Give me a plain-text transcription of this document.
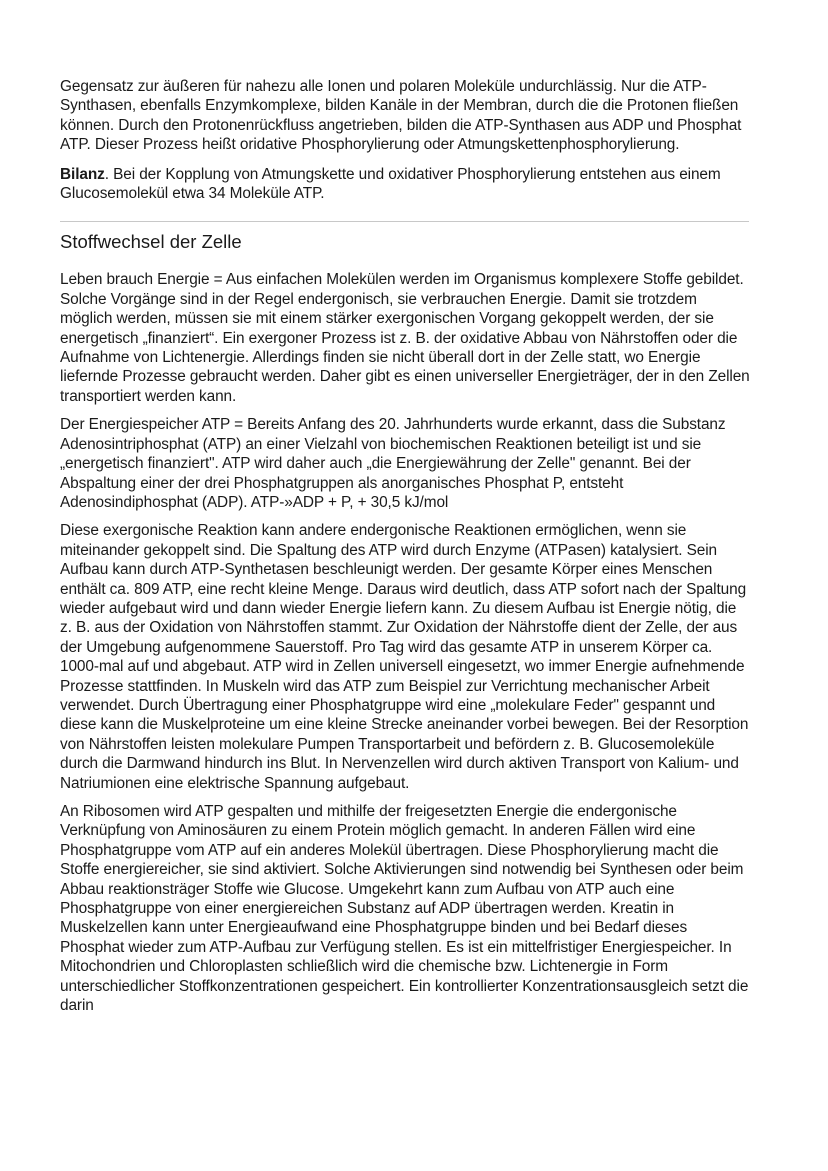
Gegensatz zur äußeren für nahezu alle Ionen und polaren Moleküle undurchlässig. Nur die ATP-Synthasen, ebenfalls Enzymkomplexe, bilden Kanäle in der Membran, durch die die Protonen fließen können. Durch den Protonenrückfluss angetrieben, bilden die ATP-Synthasen aus ADP und Phosphat ATP. Dieser Prozess heißt oridative Phosphorylierung oder Atmungskettenphosphorylierung.

Bilanz. Bei der Kopplung von Atmungskette und oxidativer Phosphorylierung entstehen aus einem Glucosemolekül etwa 34 Moleküle ATP.

Stoffwechsel der Zelle

Leben brauch Energie = Aus einfachen Molekülen werden im Organismus komplexere Stoffe gebildet. Solche Vorgänge sind in der Regel endergonisch, sie verbrauchen Energie. Damit sie trotzdem möglich werden, müssen sie mit einem stärker exergonischen Vorgang gekoppelt werden, der sie energetisch „finanziert“. Ein exergoner Prozess ist z. B. der oxidative Abbau von Nährstoffen oder die Aufnahme von Lichtenergie. Allerdings finden sie nicht überall dort in der Zelle statt, wo Energie liefernde Prozesse gebraucht werden. Daher gibt es einen universeller Energieträger, der in den Zellen transportiert werden kann.

Der Energiespeicher ATP = Bereits Anfang des 20. Jahrhunderts wurde erkannt, dass die Substanz Adenosintriphosphat (ATP) an einer Vielzahl von biochemischen Reaktionen beteiligt ist und sie „energetisch finanziert". ATP wird daher auch „die Energiewährung der Zelle" genannt. Bei der Abspaltung einer der drei Phosphatgruppen als anorganisches Phosphat P, entsteht Adenosindiphosphat (ADP). ATP-»ADP + P, + 30,5 kJ/mol

Diese exergonische Reaktion kann andere endergonische Reaktionen ermöglichen, wenn sie miteinander gekoppelt sind. Die Spaltung des ATP wird durch Enzyme (ATPasen) katalysiert. Sein Aufbau kann durch ATP-Synthetasen beschleunigt werden. Der gesamte Körper eines Menschen enthält ca. 809 ATP, eine recht kleine Menge. Daraus wird deutlich, dass ATP sofort nach der Spaltung wieder aufgebaut wird und dann wieder Energie liefern kann. Zu diesem Aufbau ist Energie nötig, die z. B. aus der Oxidation von Nährstoffen stammt. Zur Oxidation der Nährstoffe dient der Zelle, der aus der Umgebung aufgenommene Sauerstoff. Pro Tag wird das gesamte ATP in unserem Körper ca. 1000-mal auf und abgebaut. ATP wird in Zellen universell eingesetzt, wo immer Energie aufnehmende Prozesse stattfinden. In Muskeln wird das ATP zum Beispiel zur Verrichtung mechanischer Arbeit verwendet. Durch Übertragung einer Phosphatgruppe wird eine „molekulare Feder" gespannt und diese kann die Muskelproteine um eine kleine Strecke aneinander vorbei bewegen. Bei der Resorption von Nährstoffen leisten molekulare Pumpen Transportarbeit und befördern z. B. Glucosemoleküle durch die Darmwand hindurch ins Blut. In Nervenzellen wird durch aktiven Transport von Kalium- und Natriumionen eine elektrische Spannung aufgebaut.

An Ribosomen wird ATP gespalten und mithilfe der freigesetzten Energie die endergonische Verknüpfung von Aminosäuren zu einem Protein möglich gemacht. In anderen Fällen wird eine Phosphatgruppe vom ATP auf ein anderes Molekül übertragen. Diese Phosphorylierung macht die Stoffe energiereicher, sie sind aktiviert. Solche Aktivierungen sind notwendig bei Synthesen oder beim Abbau reaktionsträger Stoffe wie Glucose. Umgekehrt kann zum Aufbau von ATP auch eine Phosphatgruppe von einer energiereichen Substanz auf ADP übertragen werden. Kreatin in Muskelzellen kann unter Energieaufwand eine Phosphatgruppe binden und bei Bedarf dieses Phosphat wieder zum ATP-Aufbau zur Verfügung stellen. Es ist ein mittelfristiger Energiespeicher. In Mitochondrien und Chloroplasten schließlich wird die chemische bzw. Lichtenergie in Form unterschiedlicher Stoffkonzentrationen gespeichert. Ein kontrollierter Konzentrationsausgleich setzt die darin
